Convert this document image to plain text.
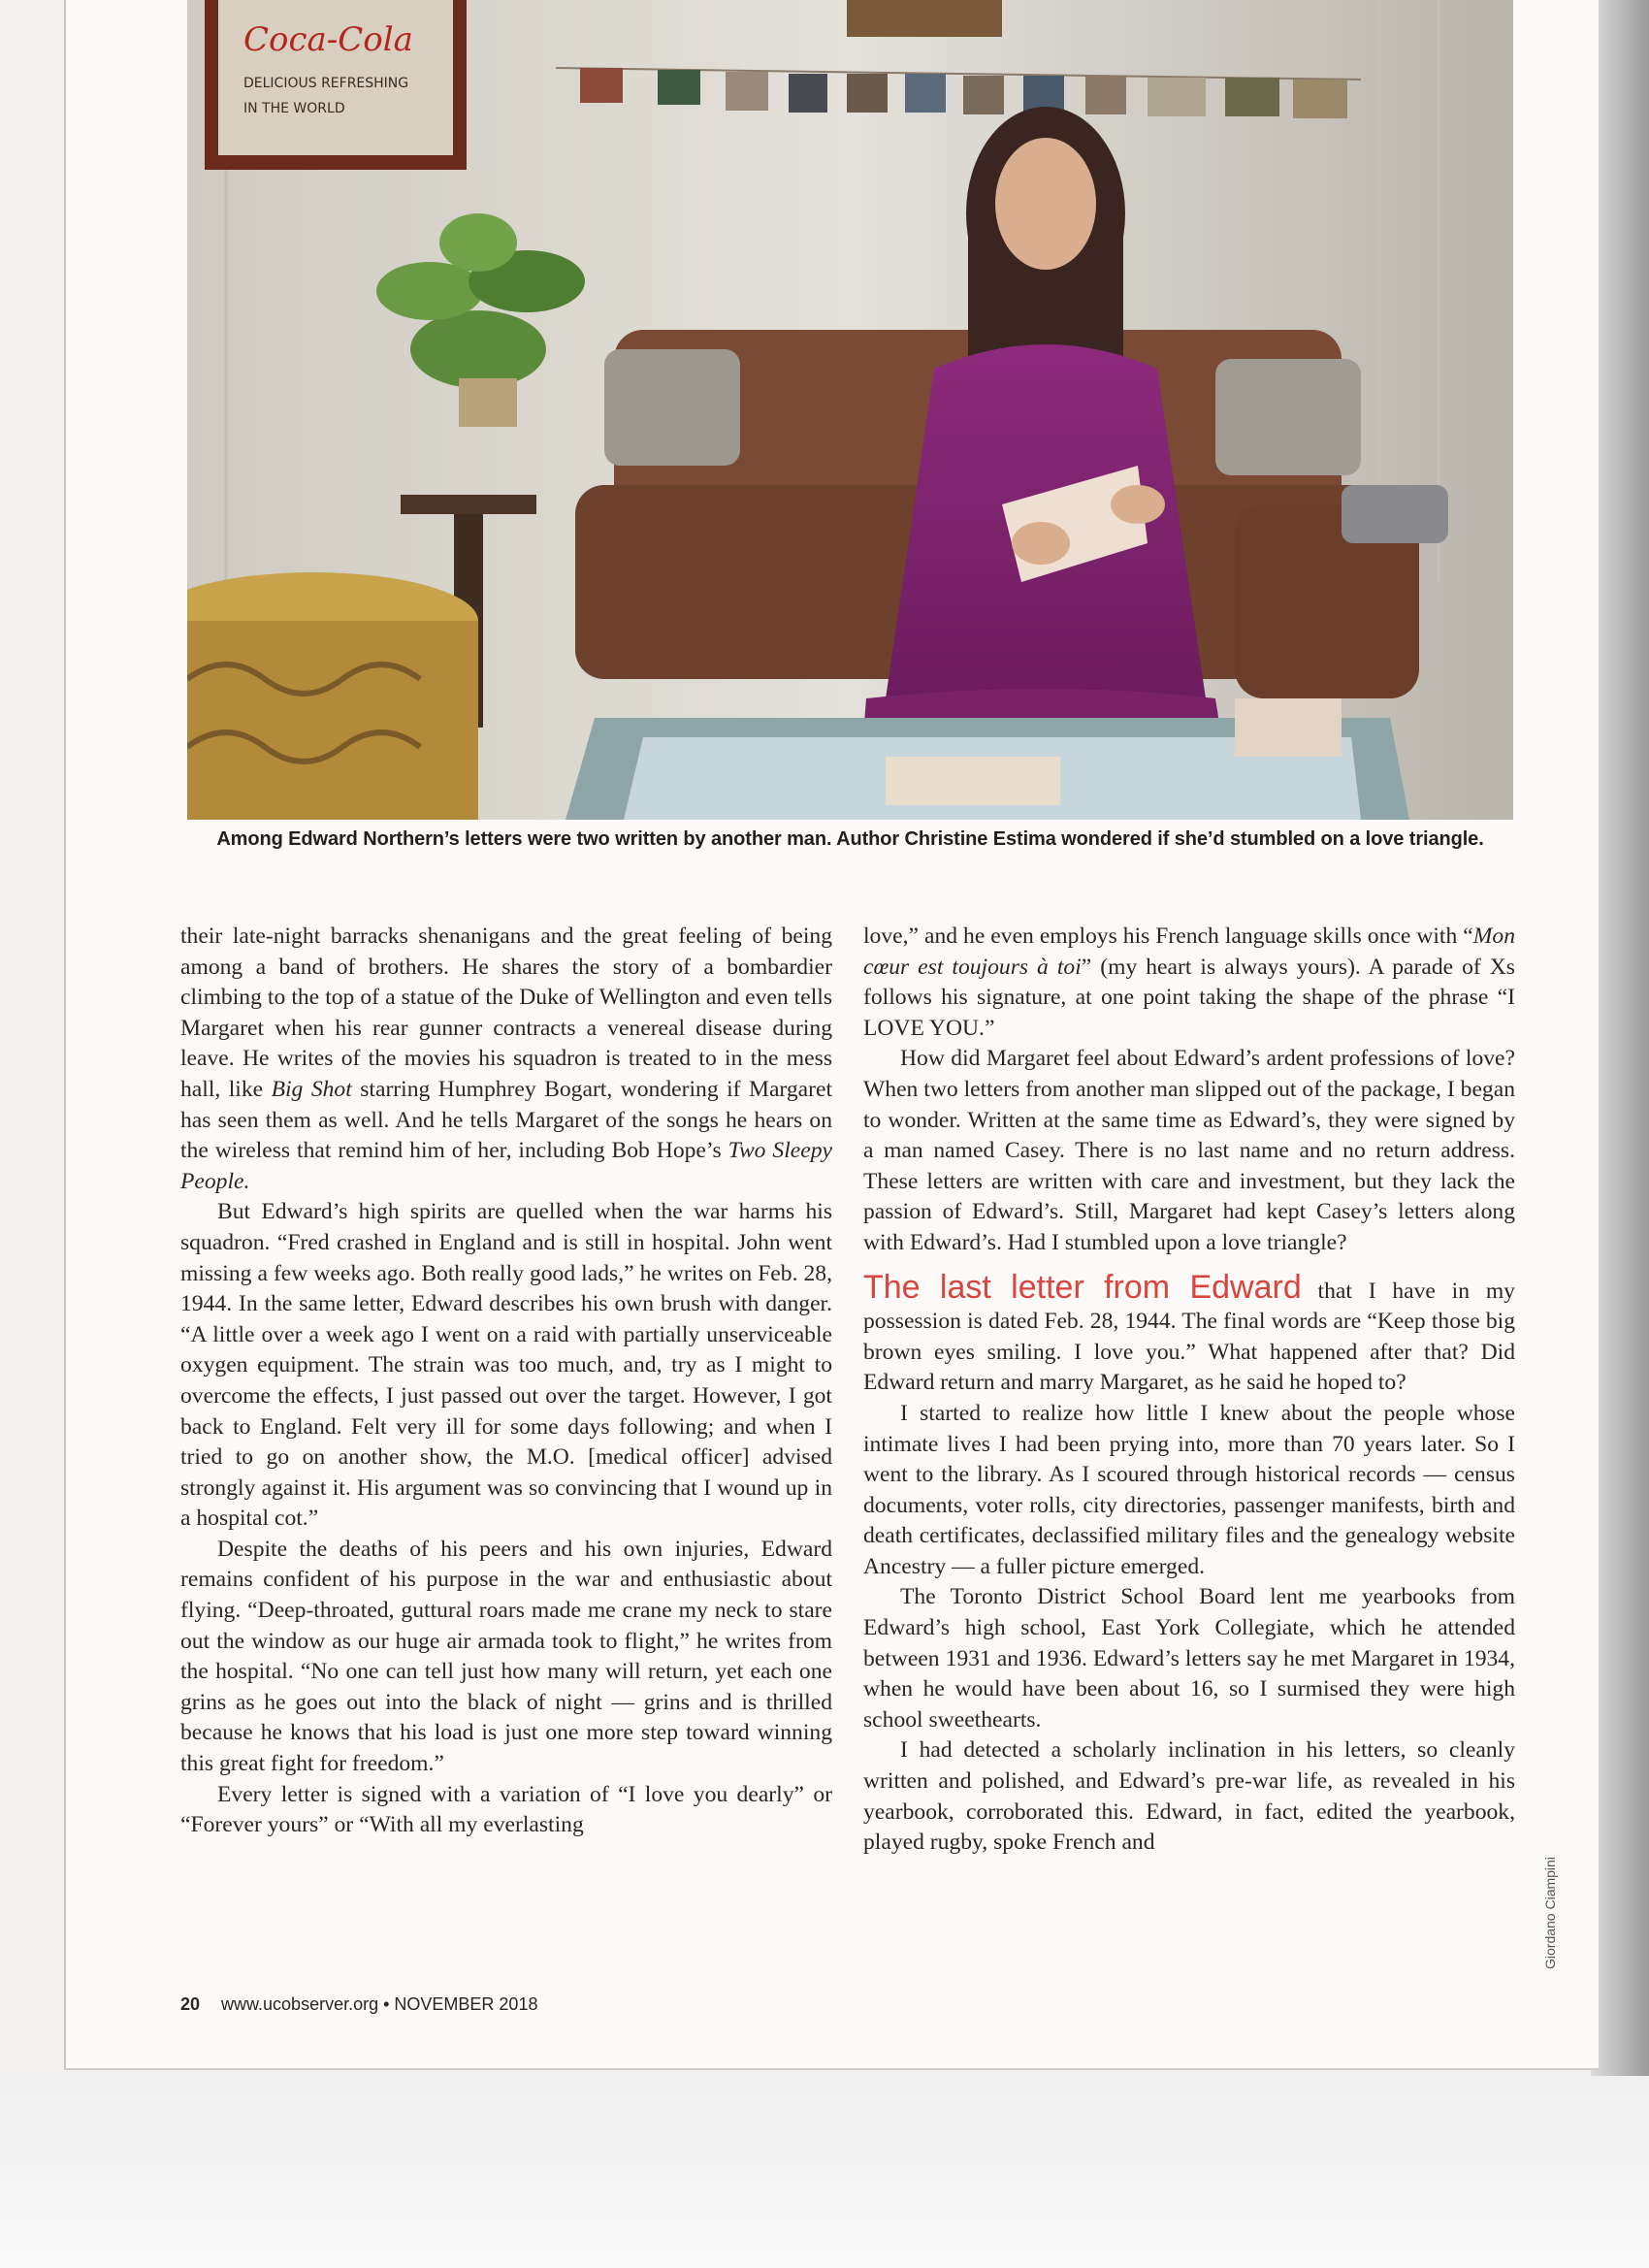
Coca-Cola
DELICIOUS REFRESHING
IN THE WORLD
Among Edward Northern’s letters were two written by another man. Author Christine Estima wondered if she’d stumbled on a love triangle.

their late-night barracks shenanigans and the great feeling of being among a band of brothers. He shares the story of a bombardier climbing to the top of a statue of the Duke of Wellington and even tells Margaret when his rear gunner contracts a venereal disease during leave. He writes of the movies his squadron is treated to in the mess hall, like Big Shot starring Humphrey Bogart, wondering if Margaret has seen them as well. And he tells Margaret of the songs he hears on the wireless that remind him of her, including Bob Hope’s Two Sleepy People.

But Edward’s high spirits are quelled when the war harms his squadron. “Fred crashed in England and is still in hospital. John went missing a few weeks ago. Both really good lads,” he writes on Feb. 28, 1944. In the same letter, Edward describes his own brush with danger. “A little over a week ago I went on a raid with partially unserviceable oxygen equipment. The strain was too much, and, try as I might to overcome the effects, I just passed out over the target. However, I got back to England. Felt very ill for some days following; and when I tried to go on another show, the M.O. [medical officer] advised strongly against it. His argument was so convincing that I wound up in a hospital cot.”

Despite the deaths of his peers and his own injuries, Edward remains confident of his purpose in the war and enthusiastic about flying. “Deep-throated, guttural roars made me crane my neck to stare out the window as our huge air armada took to flight,” he writes from the hospital. “No one can tell just how many will return, yet each one grins as he goes out into the black of night — grins and is thrilled because he knows that his load is just one more step toward winning this great fight for freedom.”

Every letter is signed with a variation of “I love you dearly” or “Forever yours” or “With all my everlasting

love,” and he even employs his French language skills once with “Mon cœur est toujours à toi” (my heart is always yours). A parade of Xs follows his signature, at one point taking the shape of the phrase “I LOVE YOU.”

How did Margaret feel about Edward’s ardent professions of love? When two letters from another man slipped out of the package, I began to wonder. Written at the same time as Edward’s, they were signed by a man named Casey. There is no last name and no return address. These letters are written with care and investment, but they lack the passion of Edward’s. Still, Margaret had kept Casey’s letters along with Edward’s. Had I stumbled upon a love triangle?

The last letter from Edward that I have in my possession is dated Feb. 28, 1944. The final words are “Keep those big brown eyes smiling. I love you.” What happened after that? Did Edward return and marry Margaret, as he said he hoped to?

I started to realize how little I knew about the people whose intimate lives I had been prying into, more than 70 years later. So I went to the library. As I scoured through historical records — census documents, voter rolls, city directories, passenger manifests, birth and death certificates, declassified military files and the genealogy website Ancestry — a fuller picture emerged.

The Toronto District School Board lent me yearbooks from Edward’s high school, East York Collegiate, which he attended between 1931 and 1936. Edward’s letters say he met Margaret in 1934, when he would have been about 16, so I surmised they were high school sweethearts.

I had detected a scholarly inclination in his letters, so cleanly written and polished, and Edward’s pre-war life, as revealed in his yearbook, corroborated this. Edward, in fact, edited the yearbook, played rugby, spoke French and

20 www.ucobserver.org • NOVEMBER 2018
Giordano Ciampini
